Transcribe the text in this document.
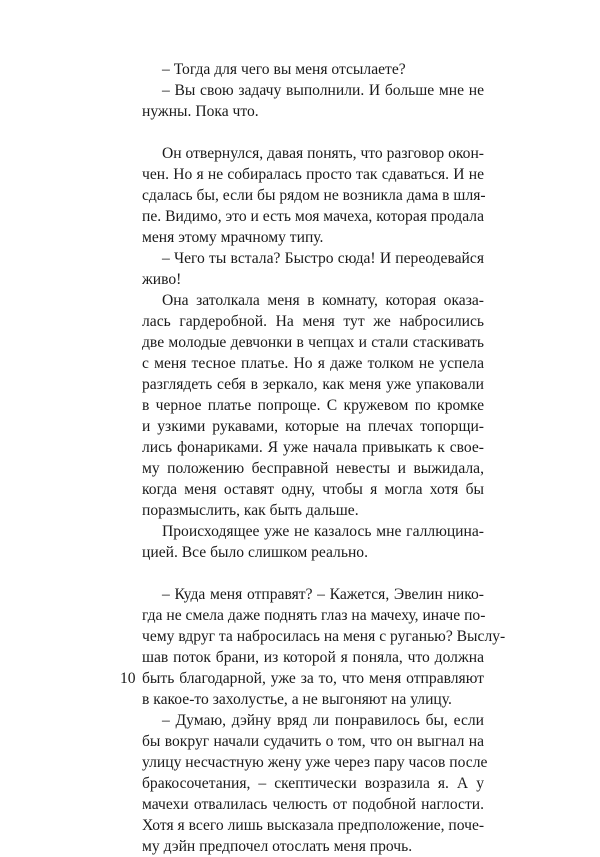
– Тогда для чего вы меня отсылаете?
– Вы свою задачу выполнили. И больше мне не
нужны. Пока что.
Он отвернулся, давая понять, что разговор окон-
чен. Но я не собиралась просто так сдаваться. И не
сдалась бы, если бы рядом не возникла дама в шля-
пе. Видимо, это и есть моя мачеха, которая продала
меня этому мрачному типу.
– Чего ты встала? Быстро сюда! И переодевайся
живо!
Она затолкала меня в комнату, которая оказа-
лась гардеробной. На меня тут же набросились
две молодые девчонки в чепцах и стали стаскивать
с меня тесное платье. Но я даже толком не успела
разглядеть себя в зеркало, как меня уже упаковали
в черное платье попроще. С кружевом по кромке
и узкими рукавами, которые на плечах топорщи-
лись фонариками. Я уже начала привыкать к свое-
му положению бесправной невесты и выжидала,
когда меня оставят одну, чтобы я могла хотя бы
поразмыслить, как быть дальше.
Происходящее уже не казалось мне галлюцина-
цией. Все было слишком реально.
– Куда меня отправят? – Кажется, Эвелин нико-
гда не смела даже поднять глаз на мачеху, иначе по-
чему вдруг та набросилась на меня с руганью? Выслу-
шав поток брани, из которой я поняла, что должна
быть благодарной, уже за то, что меня отправляют
в какое-то захолустье, а не выгоняют на улицу.
– Думаю, дэйну вряд ли понравилось бы, если
бы вокруг начали судачить о том, что он выгнал на
улицу несчастную жену уже через пару часов после
бракосочетания, – скептически возразила я. А у
мачехи отвалилась челюсть от подобной наглости.
Хотя я всего лишь высказала предположение, поче-
му дэйн предпочел отослать меня прочь.
10
